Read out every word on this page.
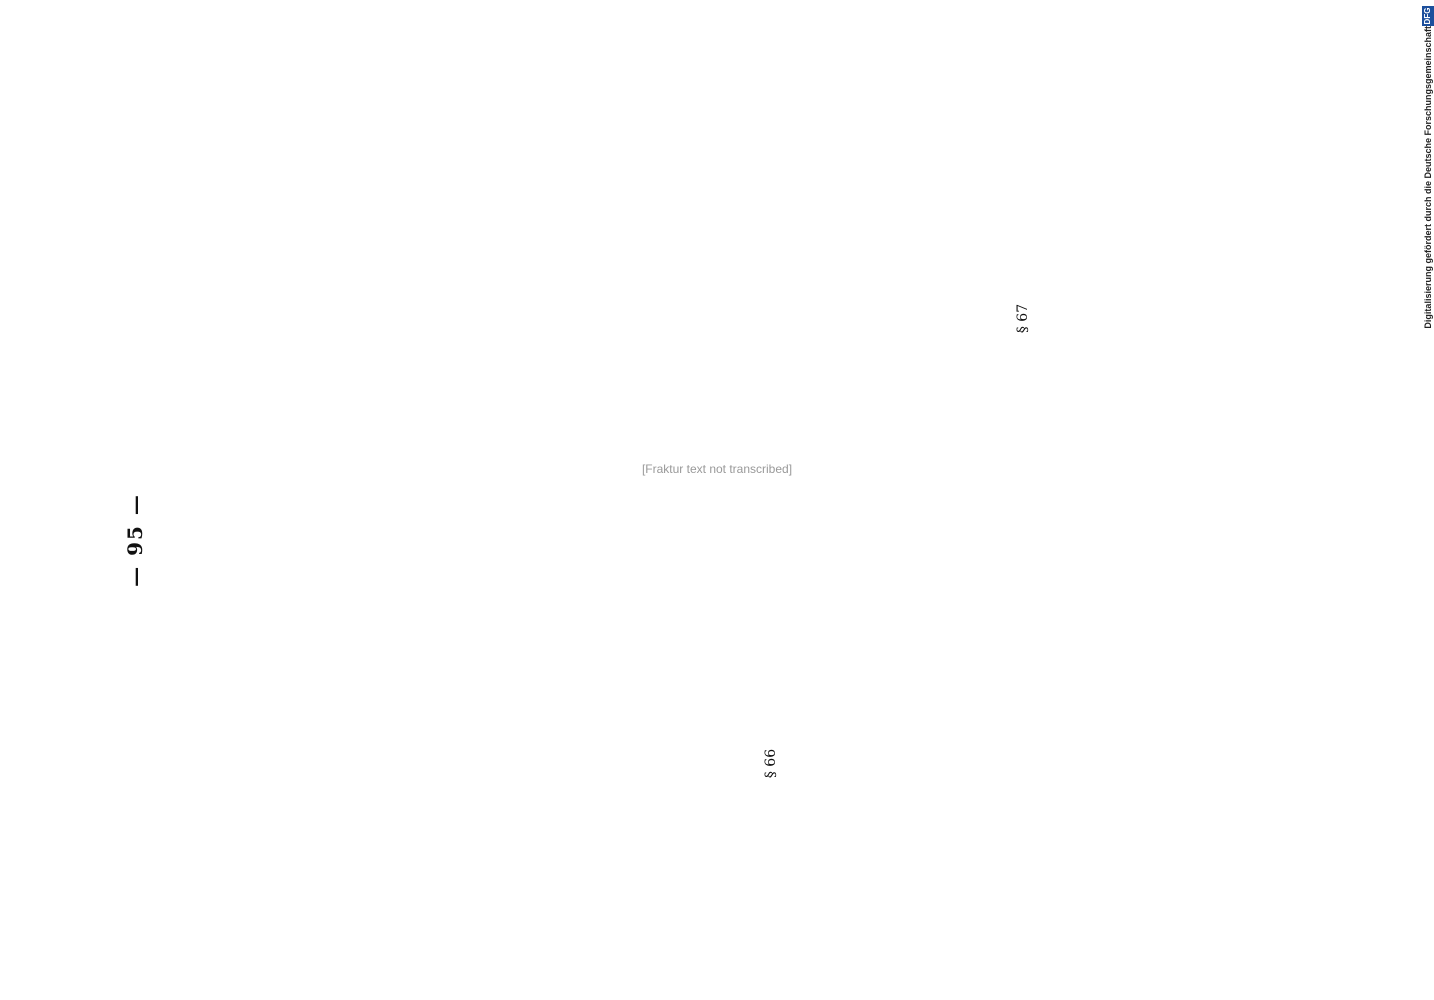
— 95 —
§ 66
§ 67
[Fraktur text not transcribed]
Digitalisierung gefördert durch die Deutsche Forschungsgemeinschaft
DFG
